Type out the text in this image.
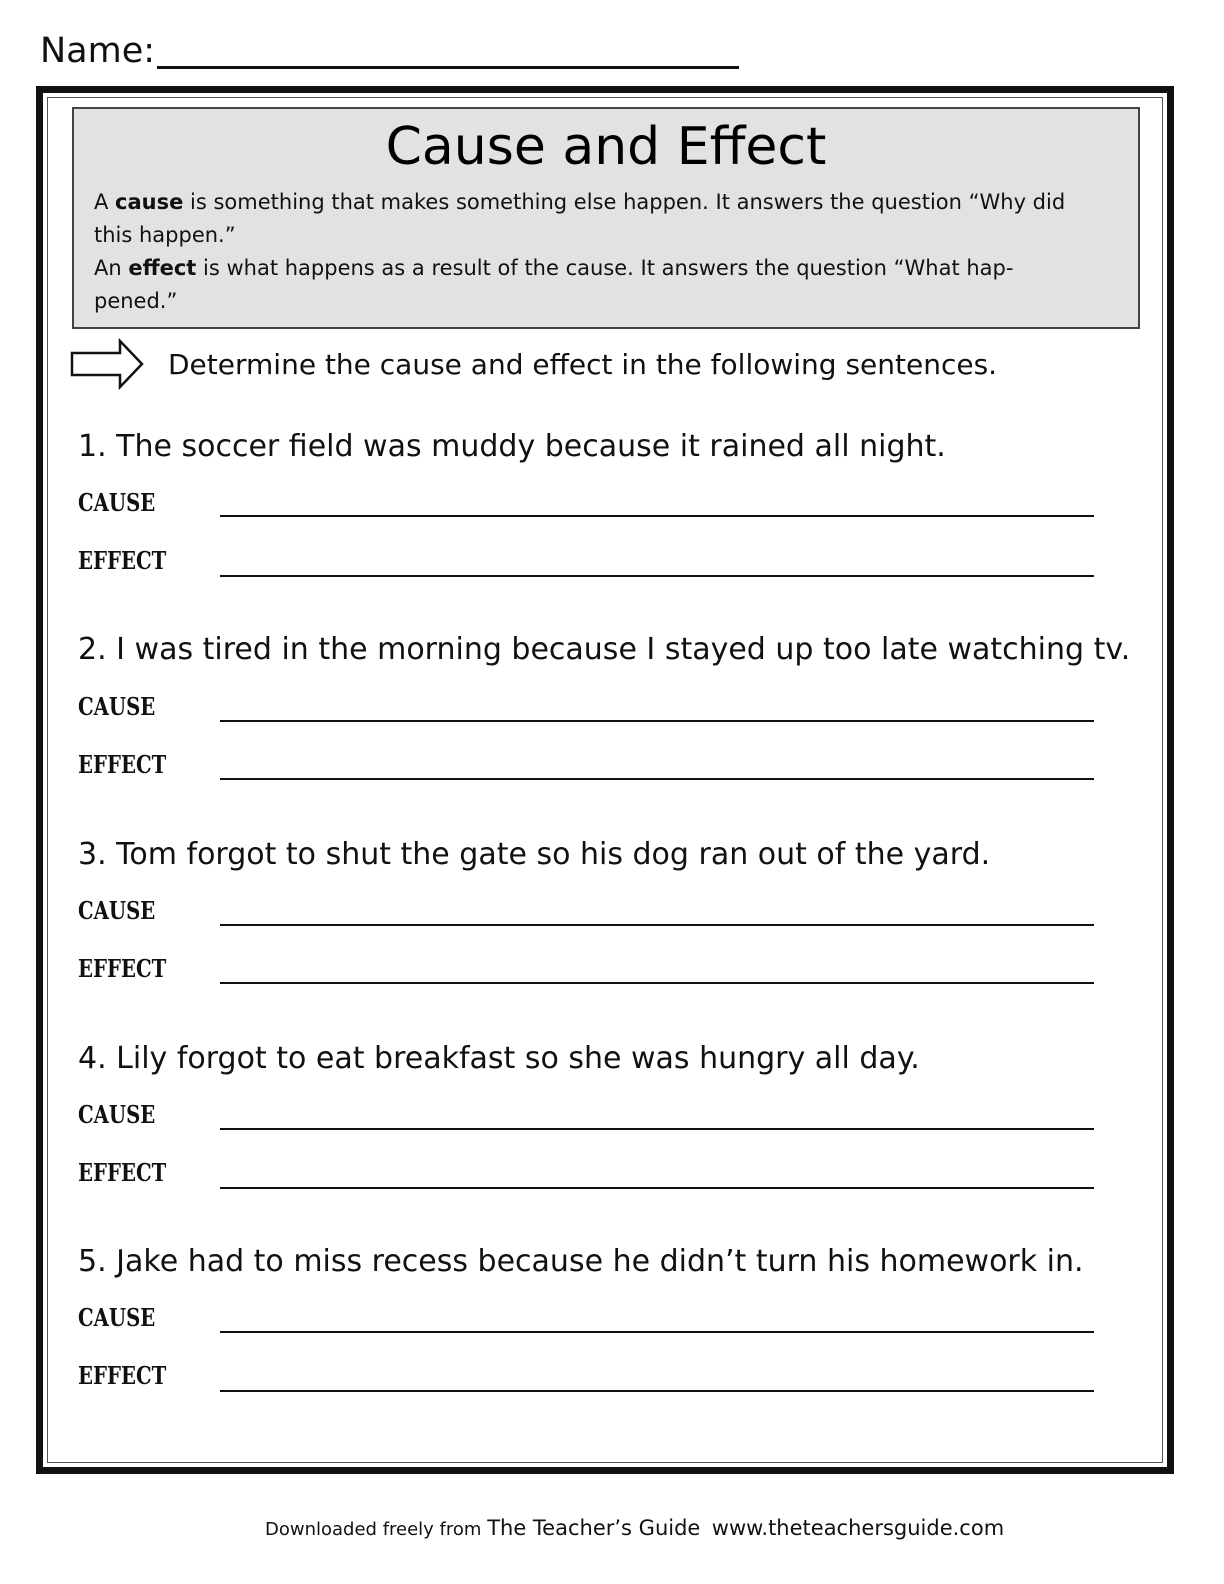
Name:
Cause and Effect
A cause is something that makes something else happen. It answers the question “Why did
this happen.”
An effect is what happens as a result of the cause. It answers the question “What hap-
pened.”
Determine the cause and effect in the following sentences.
1. The soccer field was muddy because it rained all night.
CAUSE
EFFECT
2. I was tired in the morning because I stayed up too late watching tv.
CAUSE
EFFECT
3. Tom forgot to shut the gate so his dog ran out of the yard.
CAUSE
EFFECT
4. Lily forgot to eat breakfast so she was hungry all day.
CAUSE
EFFECT
5. Jake had to miss recess because he didn’t turn his homework in.
CAUSE
EFFECT
Downloaded freely from The Teacher’s Guide www.theteachersguide.com
